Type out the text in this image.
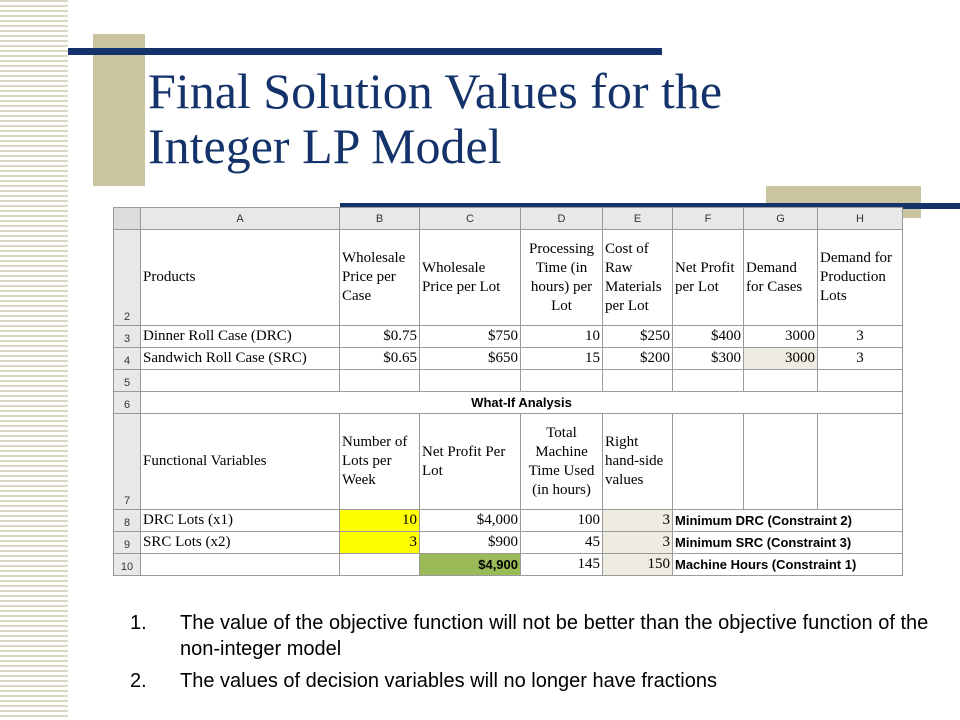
Final Solution Values for the Integer LP Model
	A	B	C	D	E	F	G	H
2	Products	Wholesale Price per Case	Wholesale Price per Lot	Processing Time (in hours) per Lot	Cost of Raw Materials per Lot	Net Profit per Lot	Demand for Cases	Demand for Production Lots
3	Dinner Roll Case (DRC)	$0.75	$750	10	$250	$400	3000	3
4	Sandwich Roll Case (SRC)	$0.65	$650	15	$200	$300	3000	3
5								
6	What-If Analysis							
7	Functional Variables	Number of Lots per Week	Net Profit Per Lot	Total Machine Time Used (in hours)	Right hand-side values			
8	DRC Lots (x1)	10	$4,000	100	3	Minimum DRC (Constraint 2)		
9	SRC Lots (x2)	3	$900	45	3	Minimum SRC (Constraint 3)		
10			$4,900	145	150	Machine Hours (Constraint 1)		
1. The value of the objective function will not be better than the objective function of the non-integer model
2. The values of decision variables will no longer have fractions
